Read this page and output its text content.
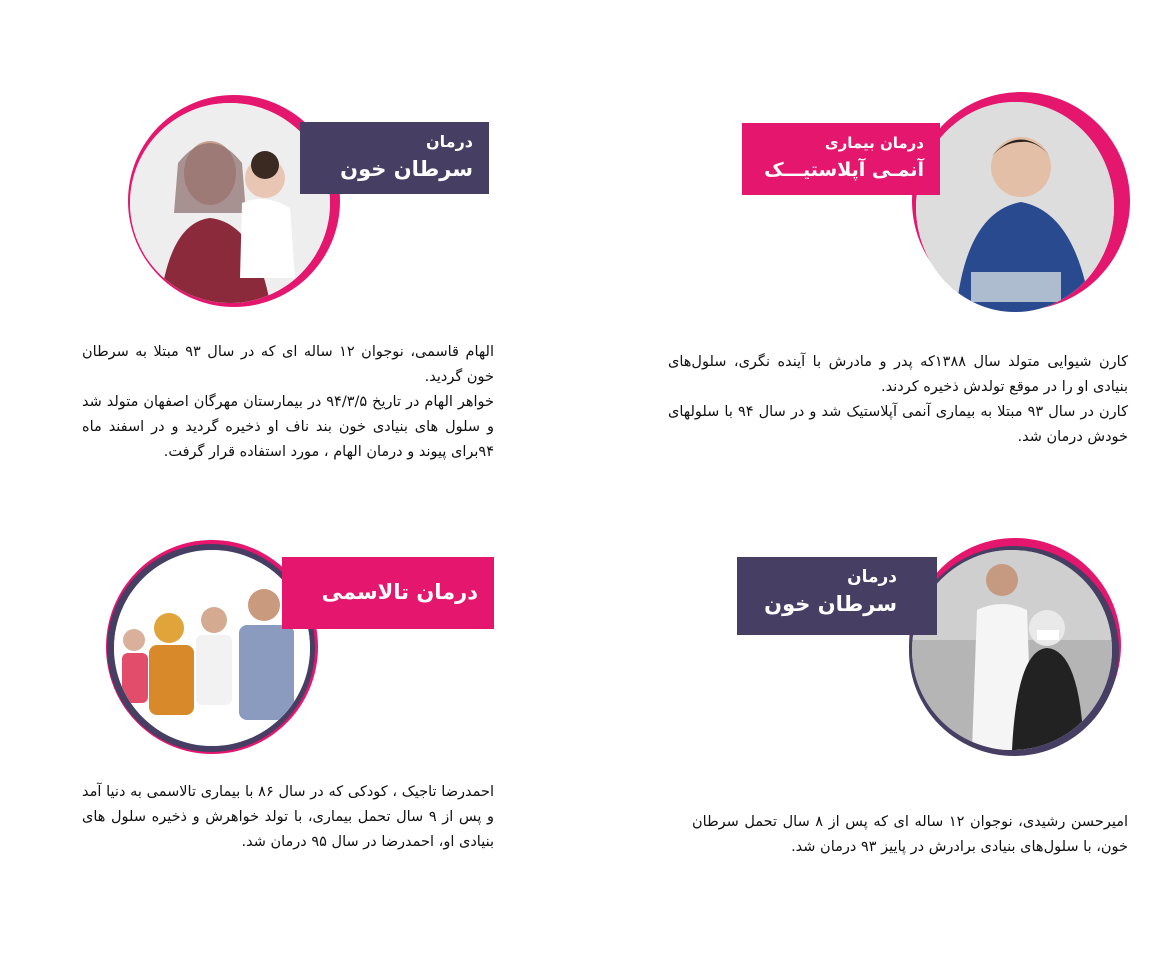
درمان
سرطان خون

الهام قاسمی، نوجوان ۱۲ ساله ای که در سال ۹۳ مبتلا به سرطان خون گردید.

خواهر الهام در تاریخ ۹۴/۳/۵ در بیمارستان مهرگان اصفهان متولد شد و سلول های بنیادی خون بند ناف او ذخیره گردید و در اسفند ماه ۹۴برای پیوند و درمان الهام ، مورد استفاده قرار گرفت.

درمان بیماری
آنمـی آپلاستیـــک

کارن شیوایی متولد سال ۱۳۸۸که پدر و مادرش با آینده نگری، سلول‌های بنیادی او را در موقع تولدش ذخیره کردند.

کارن در سال ۹۳ مبتلا به بیماری آنمی آپلاستیک شد و در سال ۹۴ با سلولهای خودش درمان شد.

درمان تالاسمی

احمدرضا تاجیک ، کودکی که در سال ۸۶ با بیماری تالاسمی به دنیا آمد و پس از ۹ سال تحمل بیماری، با تولد خواهرش و ذخیره سلول های بنیادی او، احمدرضا در سال ۹۵ درمان شد.

درمان
سرطان خون

امیرحسن رشیدی، نوجوان ۱۲ ساله ای که پس از ۸ سال تحمل سرطان خون، با سلول‌های بنیادی برادرش در پاییز ۹۳ درمان شد.
